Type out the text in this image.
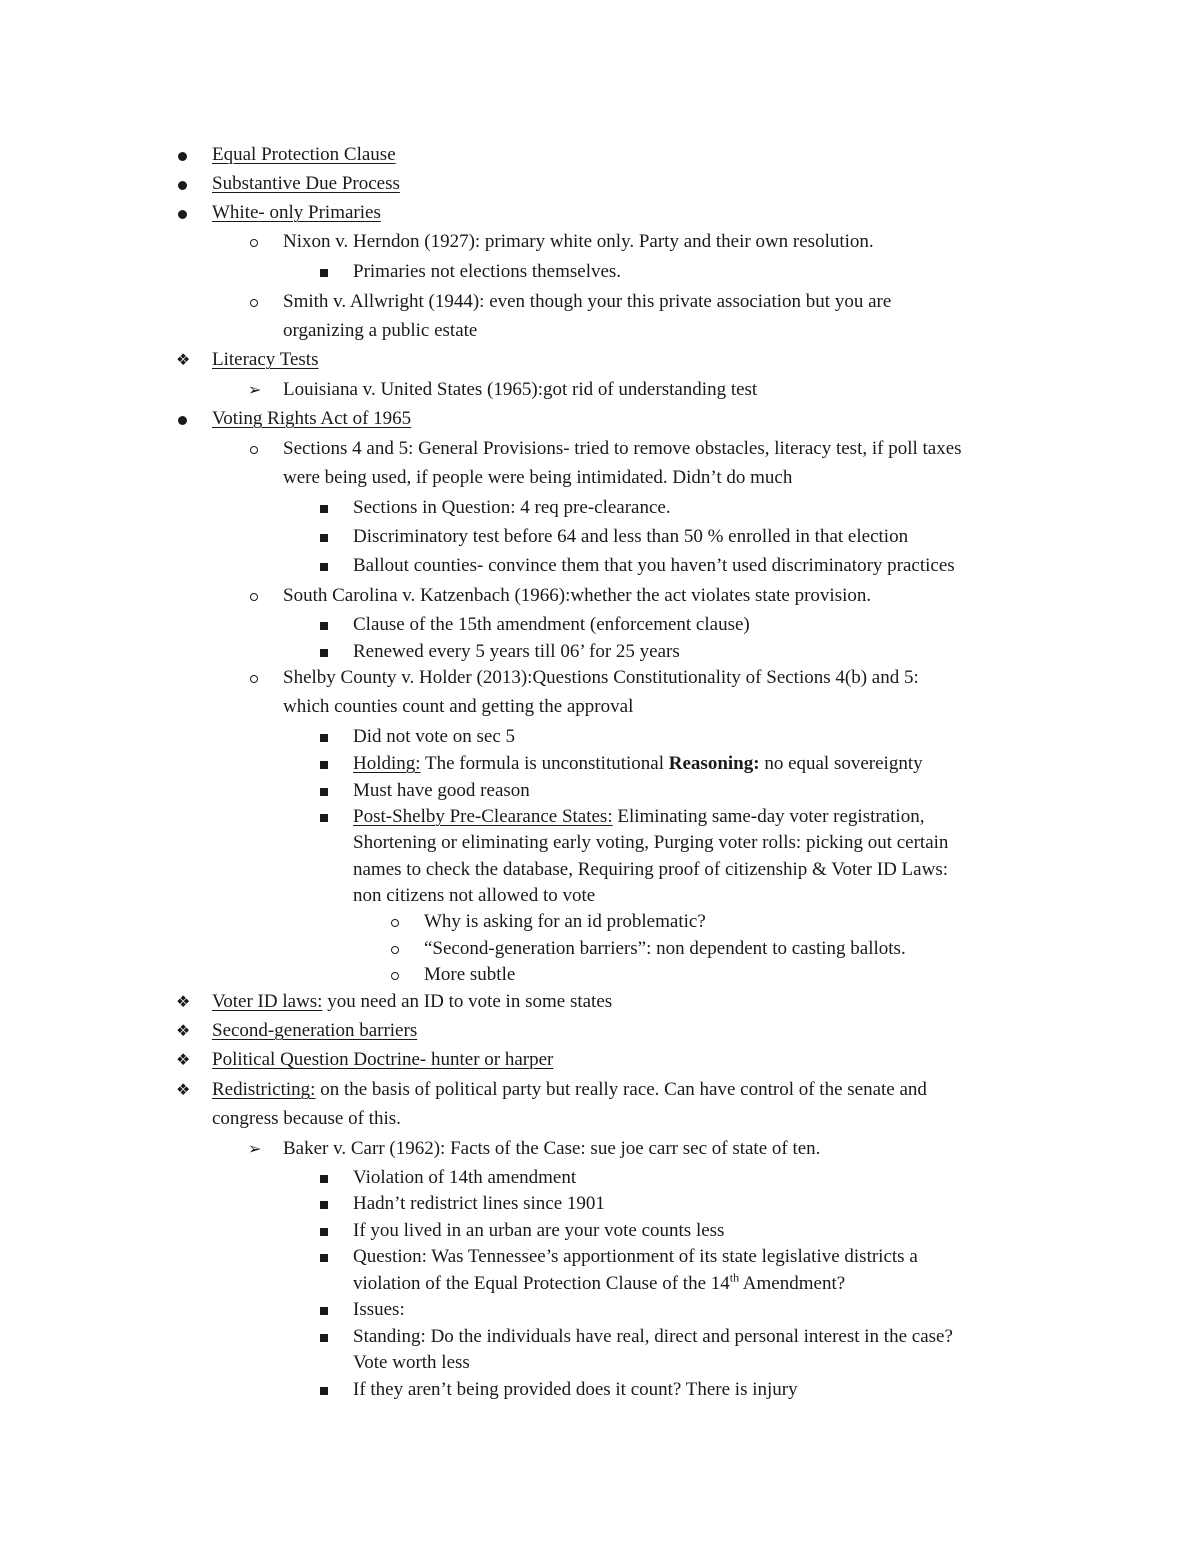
Equal Protection Clause
Substantive Due Process
White- only Primaries
Nixon v. Herndon (1927): primary white only. Party and their own resolution.
Primaries not elections themselves.
Smith v. Allwright (1944): even though your this private association but you are
organizing a public estate
❖ Literacy Tests
➢ Louisiana v. United States (1965):got rid of understanding test
Voting Rights Act of 1965
Sections 4 and 5: General Provisions- tried to remove obstacles, literacy test, if poll taxes
were being used, if people were being intimidated. Didn’t do much
Sections in Question: 4 req pre-clearance.
Discriminatory test before 64 and less than 50 % enrolled in that election
Ballout counties- convince them that you haven’t used discriminatory practices
South Carolina v. Katzenbach (1966):whether the act violates state provision.
Clause of the 15th amendment (enforcement clause)
Renewed every 5 years till 06’ for 25 years
Shelby County v. Holder (2013):Questions Constitutionality of Sections 4(b) and 5:
which counties count and getting the approval
Did not vote on sec 5
Holding: The formula is unconstitutional Reasoning: no equal sovereignty
Must have good reason
Post-Shelby Pre-Clearance States: Eliminating same-day voter registration,
Shortening or eliminating early voting, Purging voter rolls: picking out certain
names to check the database, Requiring proof of citizenship & Voter ID Laws:
non citizens not allowed to vote
Why is asking for an id problematic?
“Second-generation barriers”: non dependent to casting ballots.
More subtle
❖ Voter ID laws: you need an ID to vote in some states
❖ Second-generation barriers
❖ Political Question Doctrine- hunter or harper
❖ Redistricting: on the basis of political party but really race. Can have control of the senate and
congress because of this.
➢ Baker v. Carr (1962): Facts of the Case: sue joe carr sec of state of ten.
Violation of 14th amendment
Hadn’t redistrict lines since 1901
If you lived in an urban are your vote counts less
Question: Was Tennessee’s apportionment of its state legislative districts a
violation of the Equal Protection Clause of the 14th Amendment?
Issues:
Standing: Do the individuals have real, direct and personal interest in the case?
Vote worth less
If they aren’t being provided does it count? There is injury
